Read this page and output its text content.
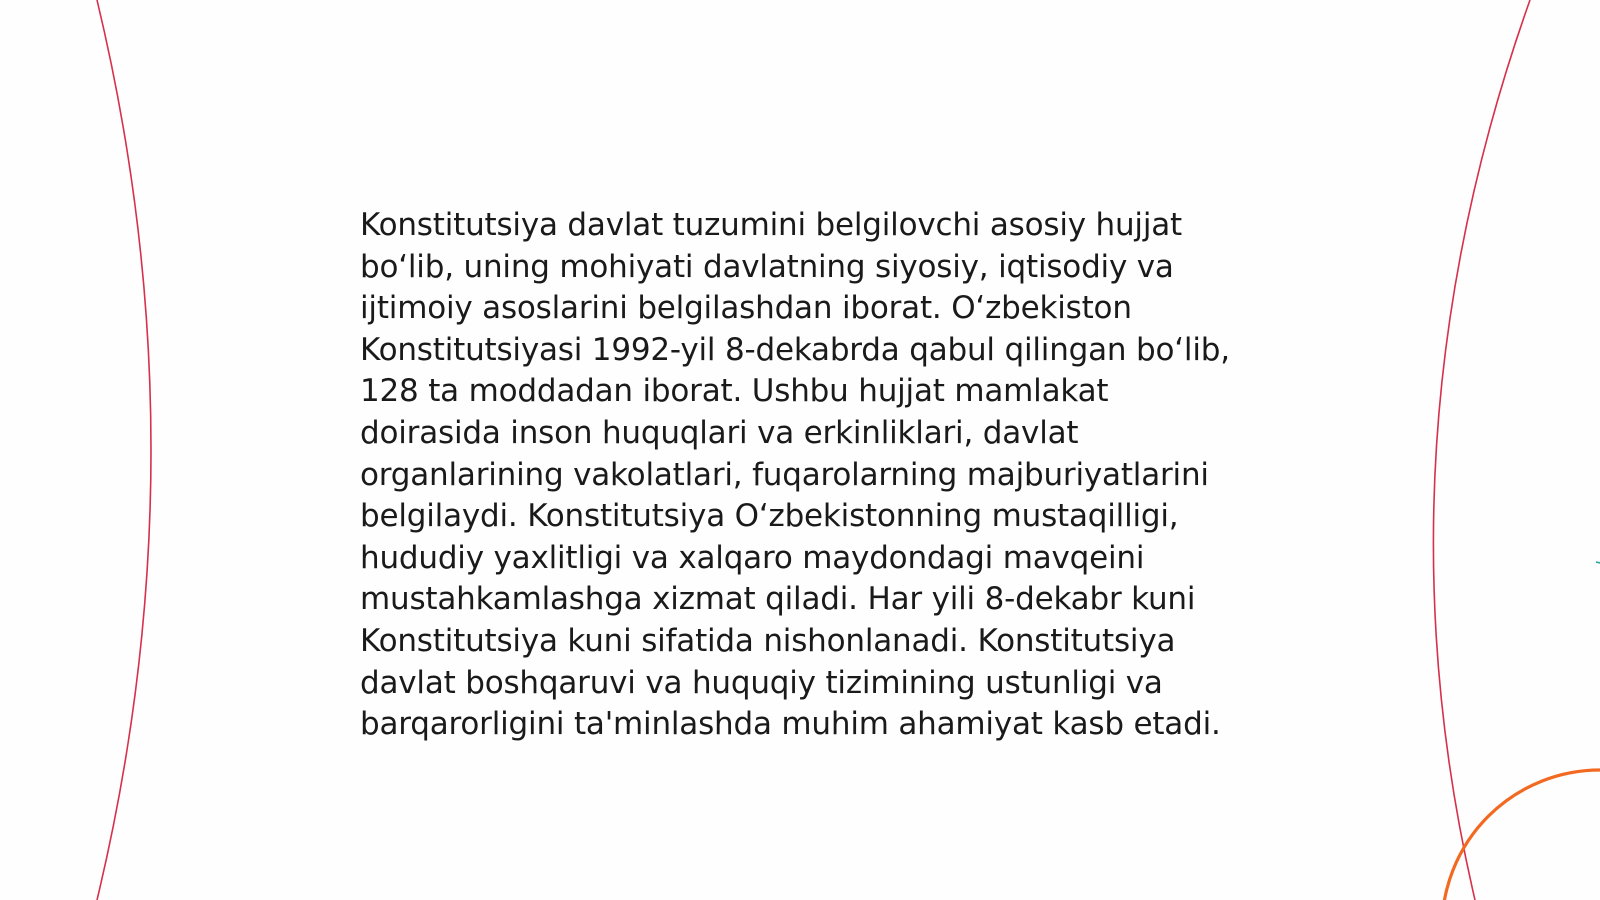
Konstitutsiya davlat tuzumini belgilovchi asosiy hujjat bo‘lib, uning mohiyati davlatning siyosiy, iqtisodiy va ijtimoiy asoslarini belgilashdan iborat. O‘zbekiston Konstitutsiyasi 1992-yil 8-dekabrda qabul qilingan bo‘lib, 128 ta moddadan iborat. Ushbu hujjat mamlakat doirasida inson huquqlari va erkinliklari, davlat organlarining vakolatlari, fuqarolarning majburiyatlarini belgilaydi. Konstitutsiya O‘zbekistonning mustaqilligi, hududiy yaxlitligi va xalqaro maydondagi mavqeini mustahkamlashga xizmat qiladi. Har yili 8-dekabr kuni Konstitutsiya kuni sifatida nishonlanadi. Konstitutsiya davlat boshqaruvi va huquqiy tizimining ustunligi va barqarorligini ta'minlashda muhim ahamiyat kasb etadi.
